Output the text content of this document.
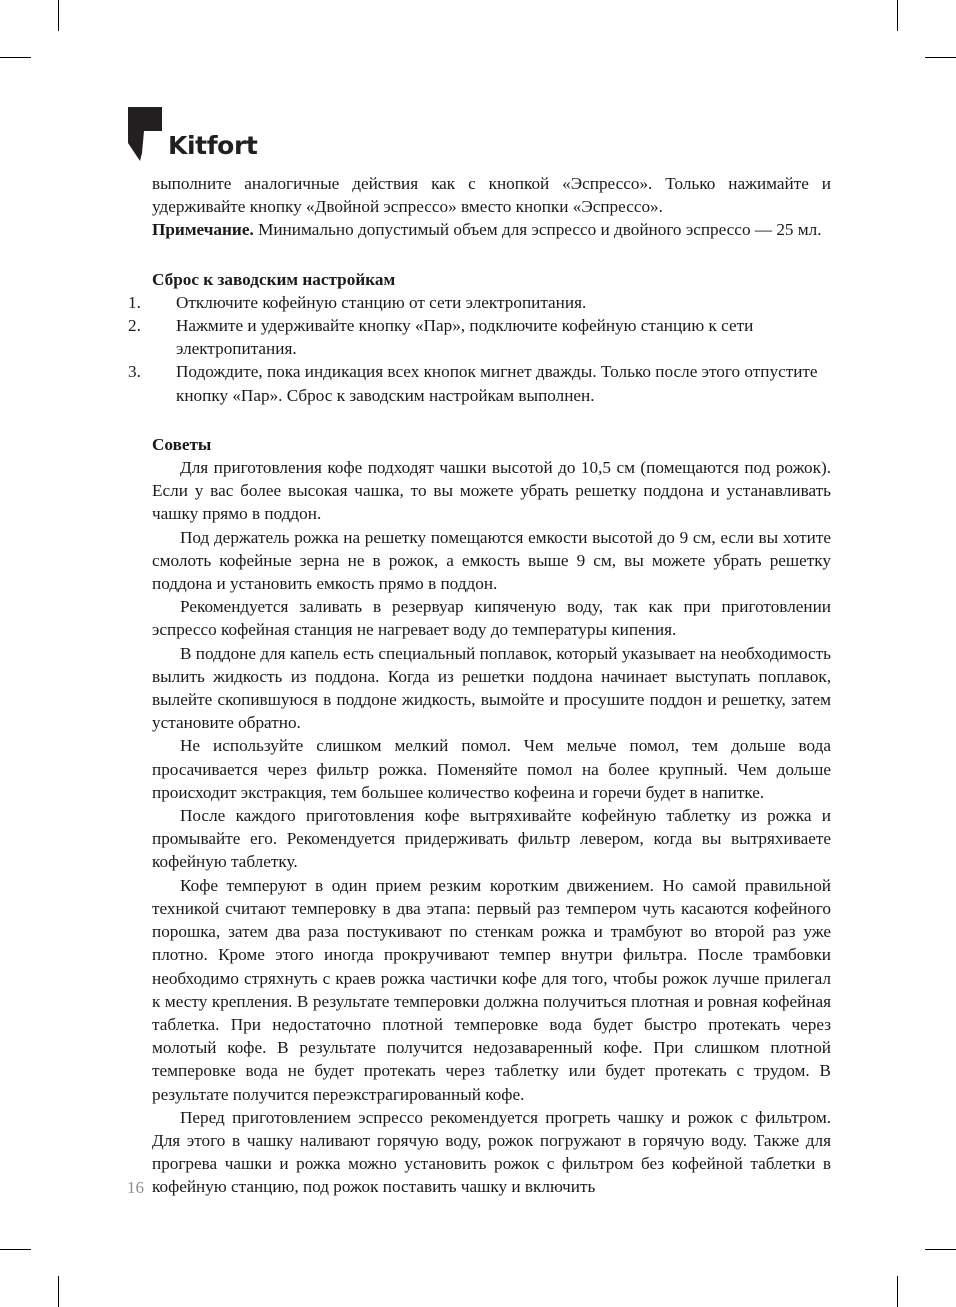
Kitfort

выполните аналогичные действия как с кнопкой «Эспрессо». Только нажимайте и удерживайте кнопку «Двойной эспрессо» вместо кнопки «Эспрессо».

Примечание. Минимально допустимый объем для эспрессо и двойного эспрессо — 25 мл.

Сброс к заводским настройкам
1.	Отключите кофейную станцию от сети электропитания.
2.	Нажмите и удерживайте кнопку «Пар», подключите кофейную станцию к сети электропитания.
3.	Подождите, пока индикация всех кнопок мигнет дважды. Только после этого отпустите кнопку «Пар». Сброс к заводским настройкам выполнен.
Советы

Для приготовления кофе подходят чашки высотой до 10,5 см (помещаются под рожок). Если у вас более высокая чашка, то вы можете убрать решетку поддона и устанавливать чашку прямо в поддон.

Под держатель рожка на решетку помещаются емкости высотой до 9 см, если вы хотите смолоть кофейные зерна не в рожок, а емкость выше 9 см, вы можете убрать решетку поддона и установить емкость прямо в поддон.

Рекомендуется заливать в резервуар кипяченую воду, так как при приготовлении эспрессо кофейная станция не нагревает воду до температуры кипения.

В поддоне для капель есть специальный поплавок, который указывает на необходимость вылить жидкость из поддона. Когда из решетки поддона начинает выступать поплавок, вылейте скопившуюся в поддоне жидкость, вымойте и просушите поддон и решетку, затем установите обратно.

Не используйте слишком мелкий помол. Чем мельче помол, тем дольше вода просачивается через фильтр рожка. Поменяйте помол на более крупный. Чем дольше происходит экстракция, тем большее количество кофеина и горечи будет в напитке.

После каждого приготовления кофе вытряхивайте кофейную таблетку из рожка и промывайте его. Рекомендуется придерживать фильтр левером, когда вы вытряхиваете кофейную таблетку.

Кофе темперуют в один прием резким коротким движением. Но самой правильной техникой считают темперовку в два этапа: первый раз темпером чуть касаются кофейного порошка, затем два раза постукивают по стенкам рожка и трамбуют во второй раз уже плотно. Кроме этого иногда прокручивают темпер внутри фильтра. После трамбовки необходимо стряхнуть с краев рожка частички кофе для того, чтобы рожок лучше прилегал к месту крепления. В результате темперовки должна получиться плотная и ровная кофейная таблетка. При недостаточно плотной темперовке вода будет быстро протекать через молотый кофе. В результате получится недозаваренный кофе. При слишком плотной темперовке вода не будет протекать через таблетку или будет протекать с трудом. В результате получится переэкстрагированный кофе.

Перед приготовлением эспрессо рекомендуется прогреть чашку и рожок с фильтром. Для этого в чашку наливают горячую воду, рожок погружают в горячую воду. Также для прогрева чашки и рожка можно установить рожок с фильтром без кофейной таблетки в кофейную станцию, под рожок поставить чашку и включить

16
